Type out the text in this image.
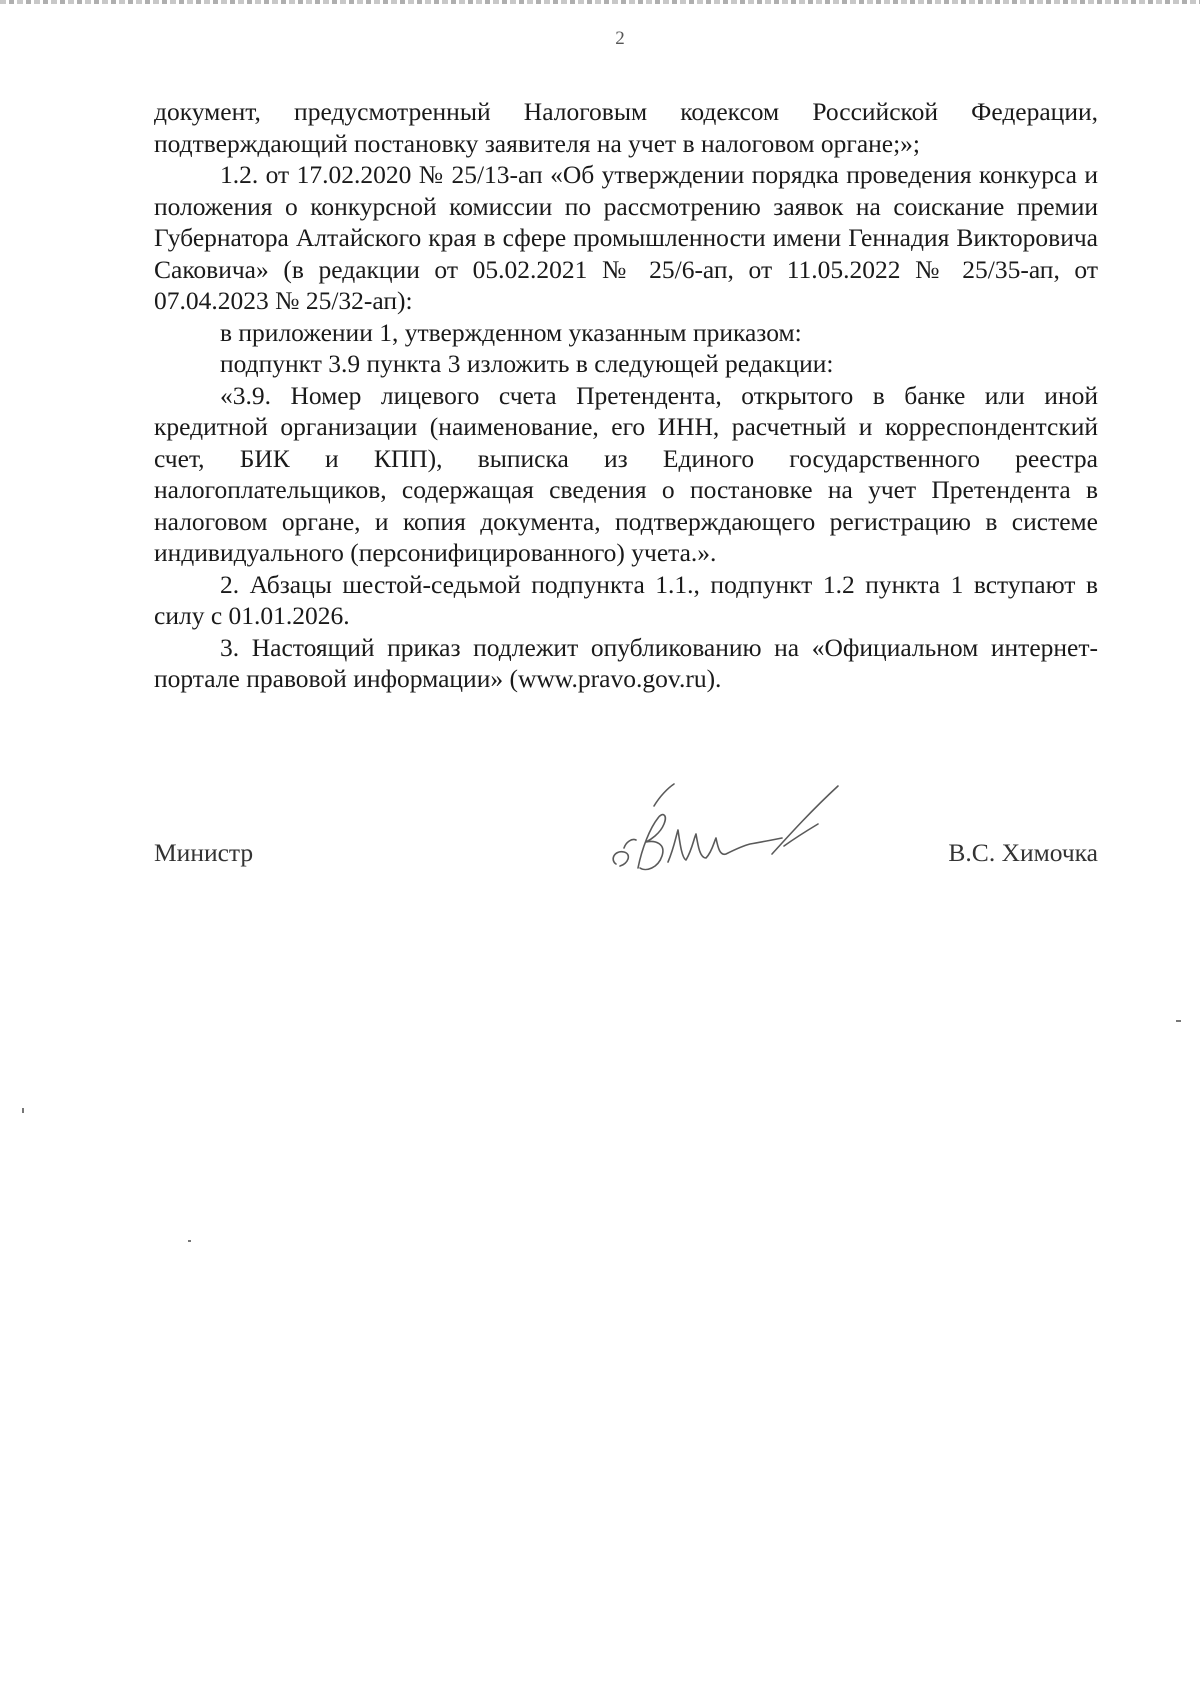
2

документ, предусмотренный Налоговым кодексом Российской Федерации, подтверждающий постановку заявителя на учет в налоговом органе;»;

1.2. от 17.02.2020 № 25/13-ап «Об утверждении порядка проведения конкурса и положения о конкурсной комиссии по рассмотрению заявок на соискание премии Губернатора Алтайского края в сфере промышленности имени Геннадия Викторовича Саковича» (в редакции от 05.02.2021 № 25/6-ап, от 11.05.2022 № 25/35-ап, от 07.04.2023 № 25/32-ап):

в приложении 1, утвержденном указанным приказом:

подпункт 3.9 пункта 3 изложить в следующей редакции:

«3.9. Номер лицевого счета Претендента, открытого в банке или иной кредитной организации (наименование, его ИНН, расчетный и корреспондентский счет, БИК и КПП), выписка из Единого государственного реестра налогоплательщиков, содержащая сведения о постановке на учет Претендента в налоговом органе, и копия документа, подтверждающего регистрацию в системе индивидуального (персонифицированного) учета.».

2. Абзацы шестой-седьмой подпункта 1.1., подпункт 1.2 пункта 1 вступают в силу с 01.01.2026.

3. Настоящий приказ подлежит опубликованию на «Официальном интернет-портале правовой информации» (www.pravo.gov.ru).

Министр	В.С. Химочка
